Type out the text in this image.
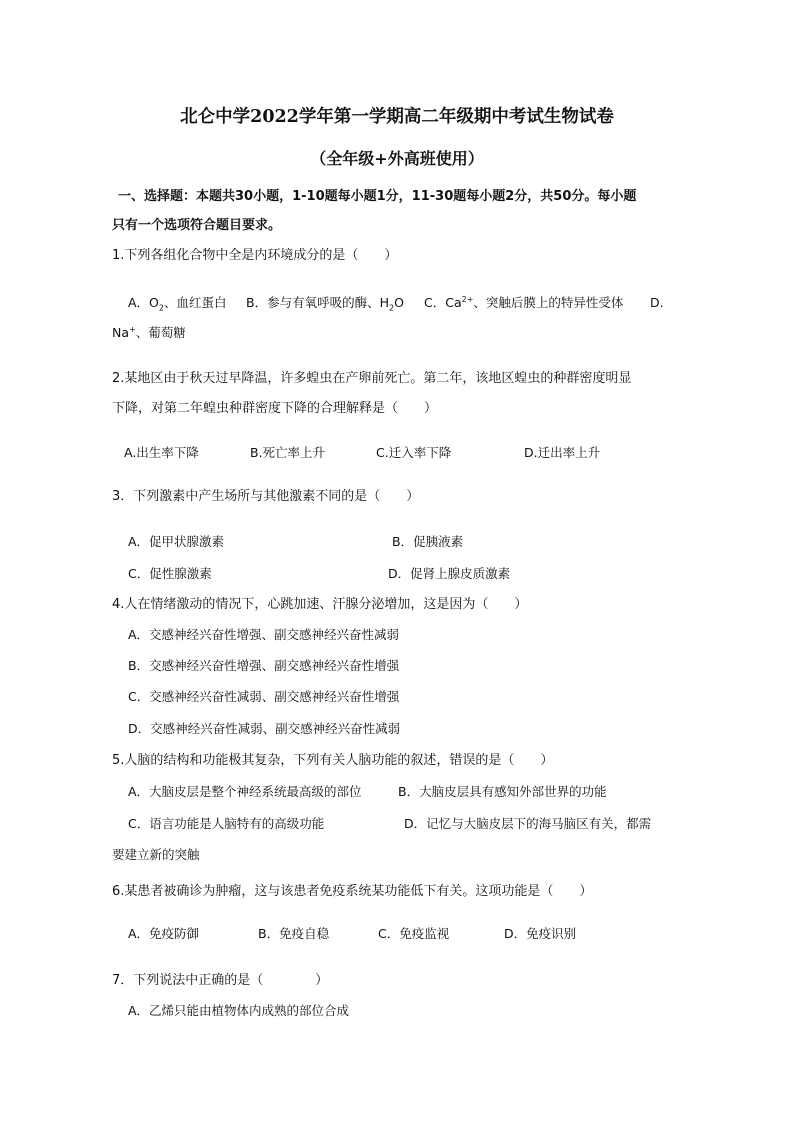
北仑中学2022学年第一学期高二年级期中考试生物试卷
（全年级+外高班使用）
一、选择题：本题共30小题，1-10题每小题1分，11-30题每小题2分，共50分。每小题
只有一个选项符合题目要求。
1.下列各组化合物中全是内环境成分的是（　　）
A．$O_2$、血红蛋白 B．参与有氧呼吸的酶、$H_2O$ C．$Ca^{2+}$、突触后膜上的特异性受体 D.
Na+、葡萄糖
2.某地区由于秋天过早降温，许多蝗虫在产卵前死亡。第二年，该地区蝗虫的种群密度明显
下降，对第二年蝗虫种群密度下降的合理解释是（　　）
A.出生率下降	B.死亡率上升	C.迁入率下降	D.迁出率上升
3．下列激素中产生场所与其他激素不同的是（　　）
A．促甲状腺激素	B．促胰液素
C．促性腺激素	D．促肾上腺皮质激素
4.人在情绪激动的情况下，心跳加速、汗腺分泌增加，这是因为（　　）
A．交感神经兴奋性增强、副交感神经兴奋性减弱
B．交感神经兴奋性增强、副交感神经兴奋性增强
C．交感神经兴奋性减弱、副交感神经兴奋性增强
D．交感神经兴奋性减弱、副交感神经兴奋性减弱
5.人脑的结构和功能极其复杂，下列有关人脑功能的叙述，错误的是（　　）
A．大脑皮层是整个神经系统最高级的部位	B．大脑皮层具有感知外部世界的功能
C．语言功能是人脑特有的高级功能	D．记忆与大脑皮层下的海马脑区有关，都需
要建立新的突触
6.某患者被确诊为肿瘤，这与该患者免疫系统某功能低下有关。这项功能是（　　）
A．免疫防御	B．免疫自稳	C．免疫监视	D．免疫识别
7．下列说法中正确的是（　　　　）
A．乙烯只能由植物体内成熟的部位合成
